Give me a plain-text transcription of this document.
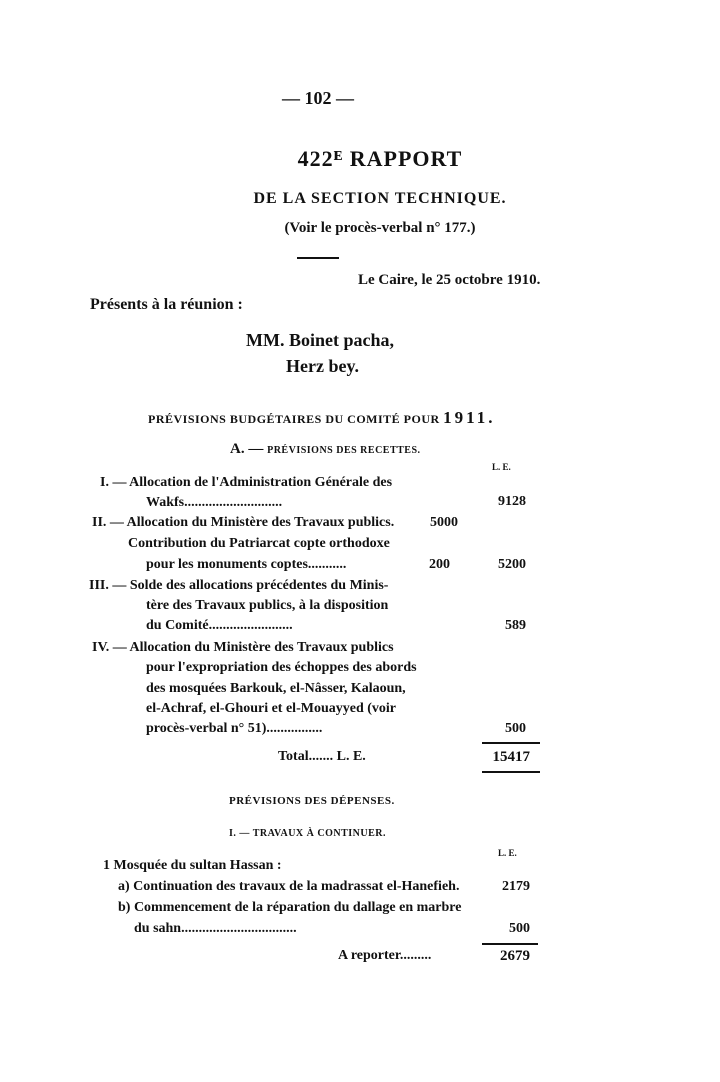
— 102 —
422ᴱ RAPPORT
DE LA SECTION TECHNIQUE.
(Voir le procès-verbal n° 177.)
Le Caire, le 25 octobre 1910.
Présents à la réunion :
MM. Boinet pacha,
Herz bey.
PRÉVISIONS BUDGÉTAIRES DU COMITÉ POUR 1911.
A. — PRÉVISIONS DES RECETTES.
L. E.
I. — Allocation de l'Administration Générale des
Wakfs............................	9128
II. — Allocation du Ministère des Travaux publics.	5000
Contribution du Patriarcat copte orthodoxe
pour les monuments coptes...........	200	5200
III. — Solde des allocations précédentes du Minis-
tère des Travaux publics, à la disposition
du Comité........................	589
IV. — Allocation du Ministère des Travaux publics
pour l'expropriation des échoppes des abords
des mosquées Barkouk, el-Nâsser, Kalaoun,
el-Achraf, el-Ghouri et el-Mouayyed (voir
procès-verbal n° 51)................	500
Total....... L. E.	15417
PRÉVISIONS DES DÉPENSES.
I. — TRAVAUX À CONTINUER.
L. E.
1 Mosquée du sultan Hassan :
a) Continuation des travaux de la madrassat el-Hanefieh.	2179
b) Commencement de la réparation du dallage en marbre
du sahn.................................	500
A reporter.........	2679
